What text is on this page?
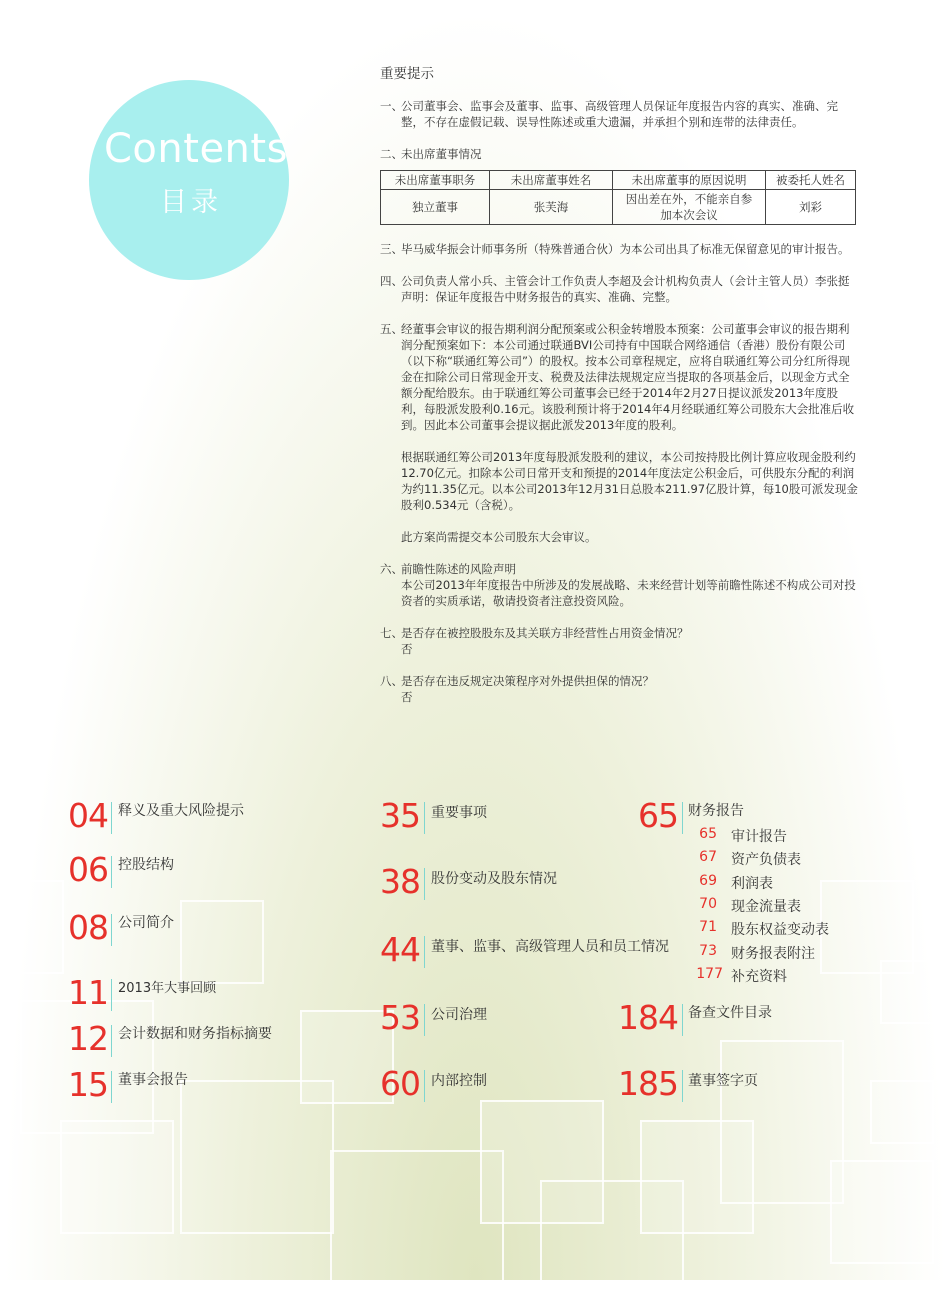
Contents
目录
重要提示
一、

公司董事会、监事会及董事、监事、高级管理人员保证年度报告内容的真实、准确、完整，不存在虚假记载、误导性陈述或重大遗漏，并承担个别和连带的法律责任。

二、

未出席董事情况

未出席董事职务	未出席董事姓名	未出席董事的原因说明	被委托人姓名
独立董事	张芙海	因出差在外，不能亲自参加本次会议	刘彩
三、

毕马威华振会计师事务所（特殊普通合伙）为本公司出具了标准无保留意见的审计报告。

四、

公司负责人常小兵、主管会计工作负责人李超及会计机构负责人（会计主管人员）李张挺声明：保证年度报告中财务报告的真实、准确、完整。

五、

经董事会审议的报告期利润分配预案或公积金转增股本预案：公司董事会审议的报告期利润分配预案如下：本公司通过联通BVI公司持有中国联合网络通信（香港）股份有限公司（以下称“联通红筹公司”）的股权。按本公司章程规定，应将自联通红筹公司分红所得现金在扣除公司日常现金开支、税费及法律法规规定应当提取的各项基金后，以现金方式全额分配给股东。由于联通红筹公司董事会已经于2014年2月27日提议派发2013年度股利，每股派发股利0.16元。该股利预计将于2014年4月经联通红筹公司股东大会批准后收到。因此本公司董事会提议据此派发2013年度的股利。

根据联通红筹公司2013年度每股派发股利的建议，本公司按持股比例计算应收现金股利约12.70亿元。扣除本公司日常开支和预提的2014年度法定公积金后，可供股东分配的利润为约11.35亿元。以本公司2013年12月31日总股本211.97亿股计算，每10股可派发现金股利0.534元（含税）。

此方案尚需提交本公司股东大会审议。

六、

前瞻性陈述的风险声明

本公司2013年年度报告中所涉及的发展战略、未来经营计划等前瞻性陈述不构成公司对投资者的实质承诺，敬请投资者注意投资风险。

七、

是否存在被控股股东及其关联方非经营性占用资金情况？

否

八、

是否存在违反规定决策程序对外提供担保的情况？

否

04 释义及重大风险提示
06 控股结构
08 公司简介
11 2013年大事回顾
12 会计数据和财务指标摘要
15 董事会报告
35 重要事项
38 股份变动及股东情况
44 董事、监事、高级管理人员和员工情况
53 公司治理
60 内部控制
65 财务报告
65 审计报告
67 资产负债表
69 利润表
70 现金流量表
71 股东权益变动表
73 财务报表附注
177 补充资料
184 备查文件目录
185 董事签字页
